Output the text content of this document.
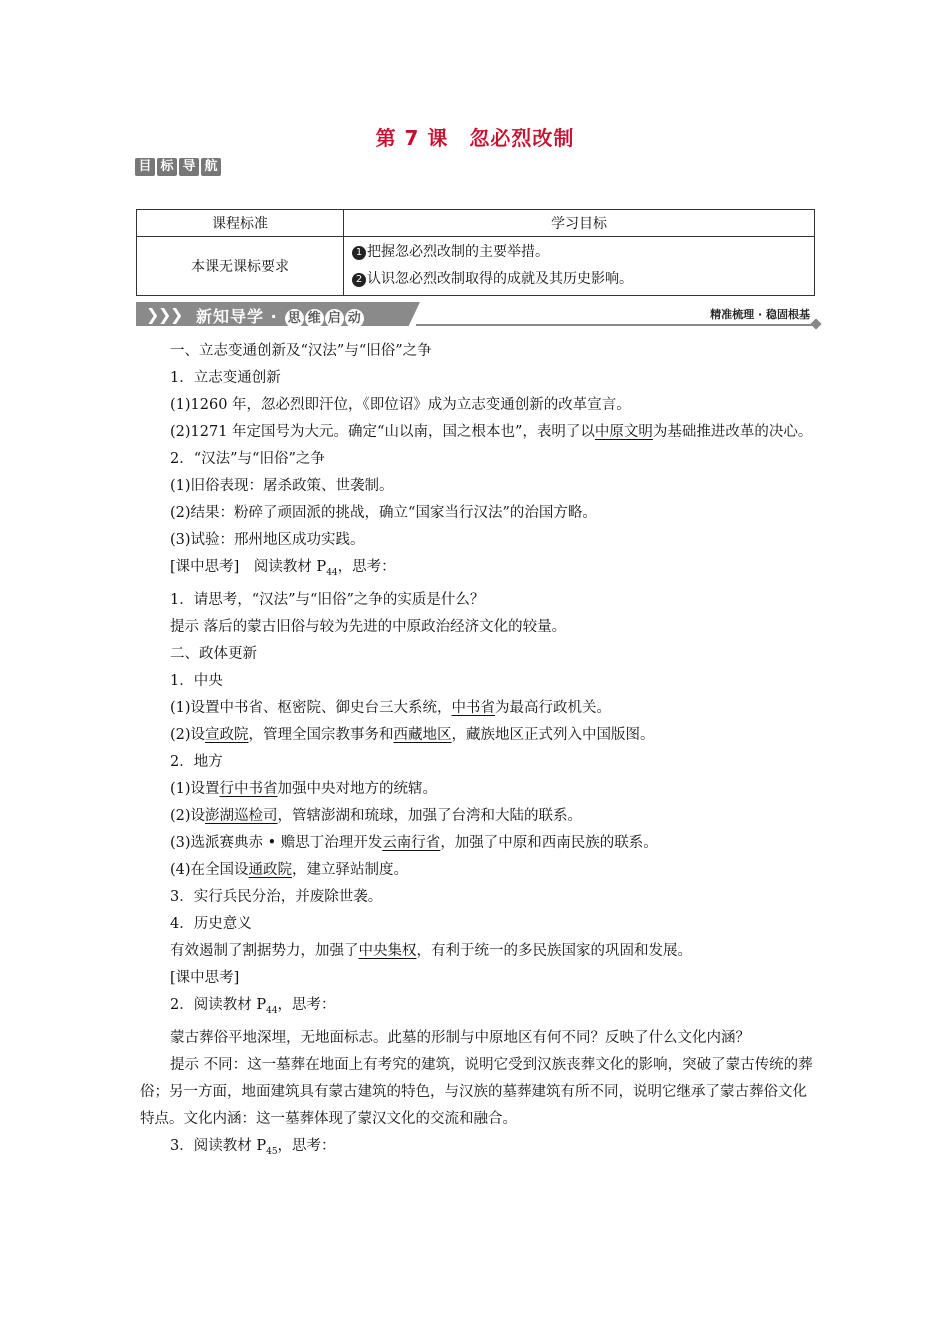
第 7 课　忽必烈改制
目 标 导 航
课程标准	学习目标
本课无课标要求	1 把握忽必烈改制的主要举措。
2 认识忽必烈改制取得的成就及其历史影响。
❯
❯
❯ 新知导学 · 思 维 启 动	精准梳理 · 稳固根基

一、立志变通创新及“汉法”与“旧俗”之争

1．立志变通创新

(1)1260 年，忽必烈即汗位，《即位诏》成为立志变通创新的改革宣言。

(2)1271 年定国号为大元。确定“山以南，国之根本也”，表明了以中原文明为基础推进改革的决心。

2．“汉法”与“旧俗”之争

(1)旧俗表现：屠杀政策、世袭制。

(2)结果：粉碎了顽固派的挑战，确立“国家当行汉法”的治国方略。

(3)试验：邢州地区成功实践。

[课中思考]　阅读教材 $P_{44}$，思考：

1．请思考，“汉法”与“旧俗”之争的实质是什么？

提示 落后的蒙古旧俗与较为先进的中原政治经济文化的较量。

二、政体更新

1．中央

(1)设置中书省、枢密院、御史台三大系统，中书省为最高行政机关。

(2)设宣政院，管理全国宗教事务和西藏地区，藏族地区正式列入中国版图。

2．地方

(1)设置行中书省加强中央对地方的统辖。

(2)设澎湖巡检司，管辖澎湖和琉球，加强了台湾和大陆的联系。

(3)选派赛典赤 • 赡思丁治理开发云南行省，加强了中原和西南民族的联系。

(4)在全国设通政院，建立驿站制度。

3．实行兵民分治，并废除世袭。

4．历史意义

有效遏制了割据势力，加强了中央集权，有利于统一的多民族国家的巩固和发展。

[课中思考]

2．阅读教材 $P_{44}$，思考：

蒙古葬俗平地深埋，无地面标志。此墓的形制与中原地区有何不同？反映了什么文化内涵？

提示 不同：这一墓葬在地面上有考究的建筑，说明它受到汉族丧葬文化的影响，突破了蒙古传统的葬俗；另一方面，地面建筑具有蒙古建筑的特色，与汉族的墓葬建筑有所不同，说明它继承了蒙古葬俗文化特点。文化内涵：这一墓葬体现了蒙汉文化的交流和融合。

3．阅读教材 $P_{45}$，思考：
